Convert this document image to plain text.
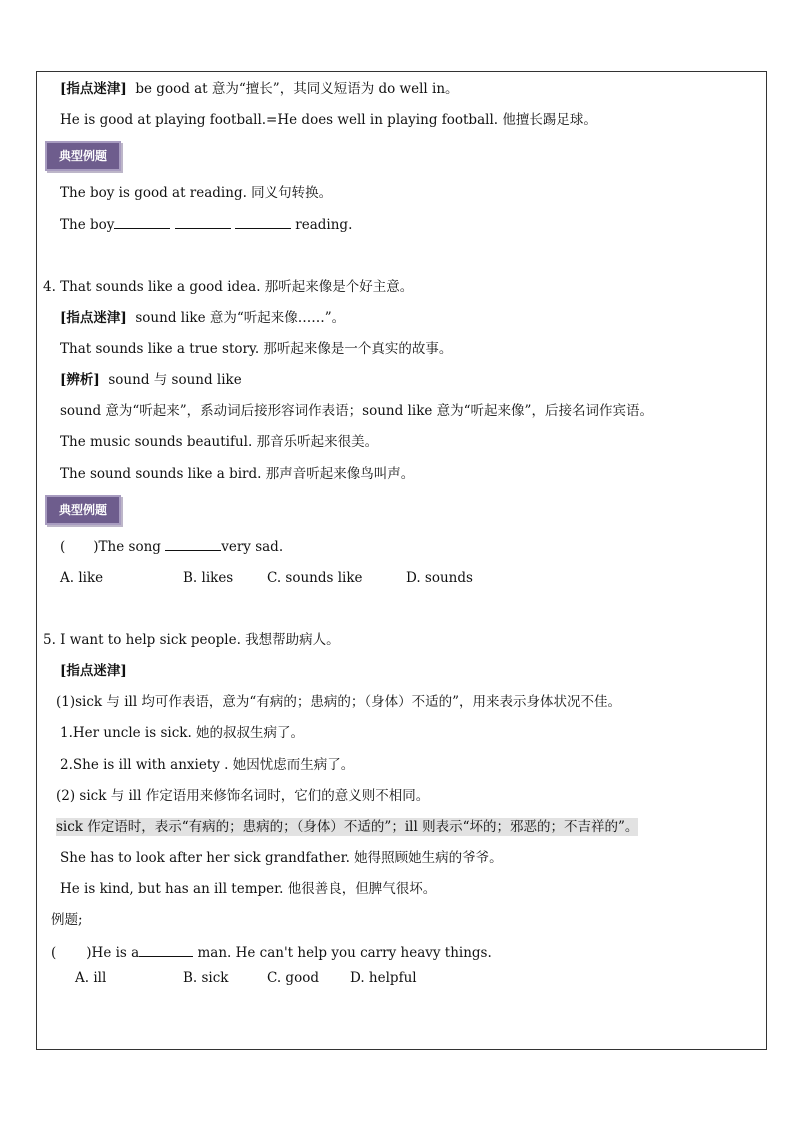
[指点迷津] be good at 意为“擅长”，其同义短语为 do well in。
He is good at playing football.=He does well in playing football. 他擅长踢足球。
典型例题
The boy is good at reading. 同义句转换。
The boy	reading.
4. That sounds like a good idea. 那听起来像是个好主意。
[指点迷津] sound like 意为“听起来像……”。
That sounds like a true story. 那听起来像是一个真实的故事。
[辨析] sound 与 sound like
sound 意为“听起来”，系动词后接形容词作表语；sound like 意为“听起来像”，后接名词作宾语。
The music sounds beautiful. 那音乐听起来很美。
The sound sounds like a bird. 那声音听起来像鸟叫声。
典型例题
( )The song	very sad.
A. like	B. likes	C. sounds like	D. sounds
5. I want to help sick people. 我想帮助病人。
[指点迷津]
(1)sick 与 ill 均可作表语，意为“有病的；患病的；（身体）不适的”，用来表示身体状况不佳。
1.Her uncle is sick. 她的叔叔生病了。
2.She is ill with anxiety . 她因忧虑而生病了。
(2) sick 与 ill 作定语用来修饰名词时，它们的意义则不相同。
sick 作定语时，表示“有病的；患病的；（身体）不适的”；ill 则表示“坏的；邪恶的；不吉祥的”。
She has to look after her sick grandfather. 她得照顾她生病的爷爷。
He is kind, but has an ill temper. 他很善良，但脾气很坏。
例题;
( )He is a	man. He can't help you carry heavy things.
A. ill	B. sick	C. good D. helpful
